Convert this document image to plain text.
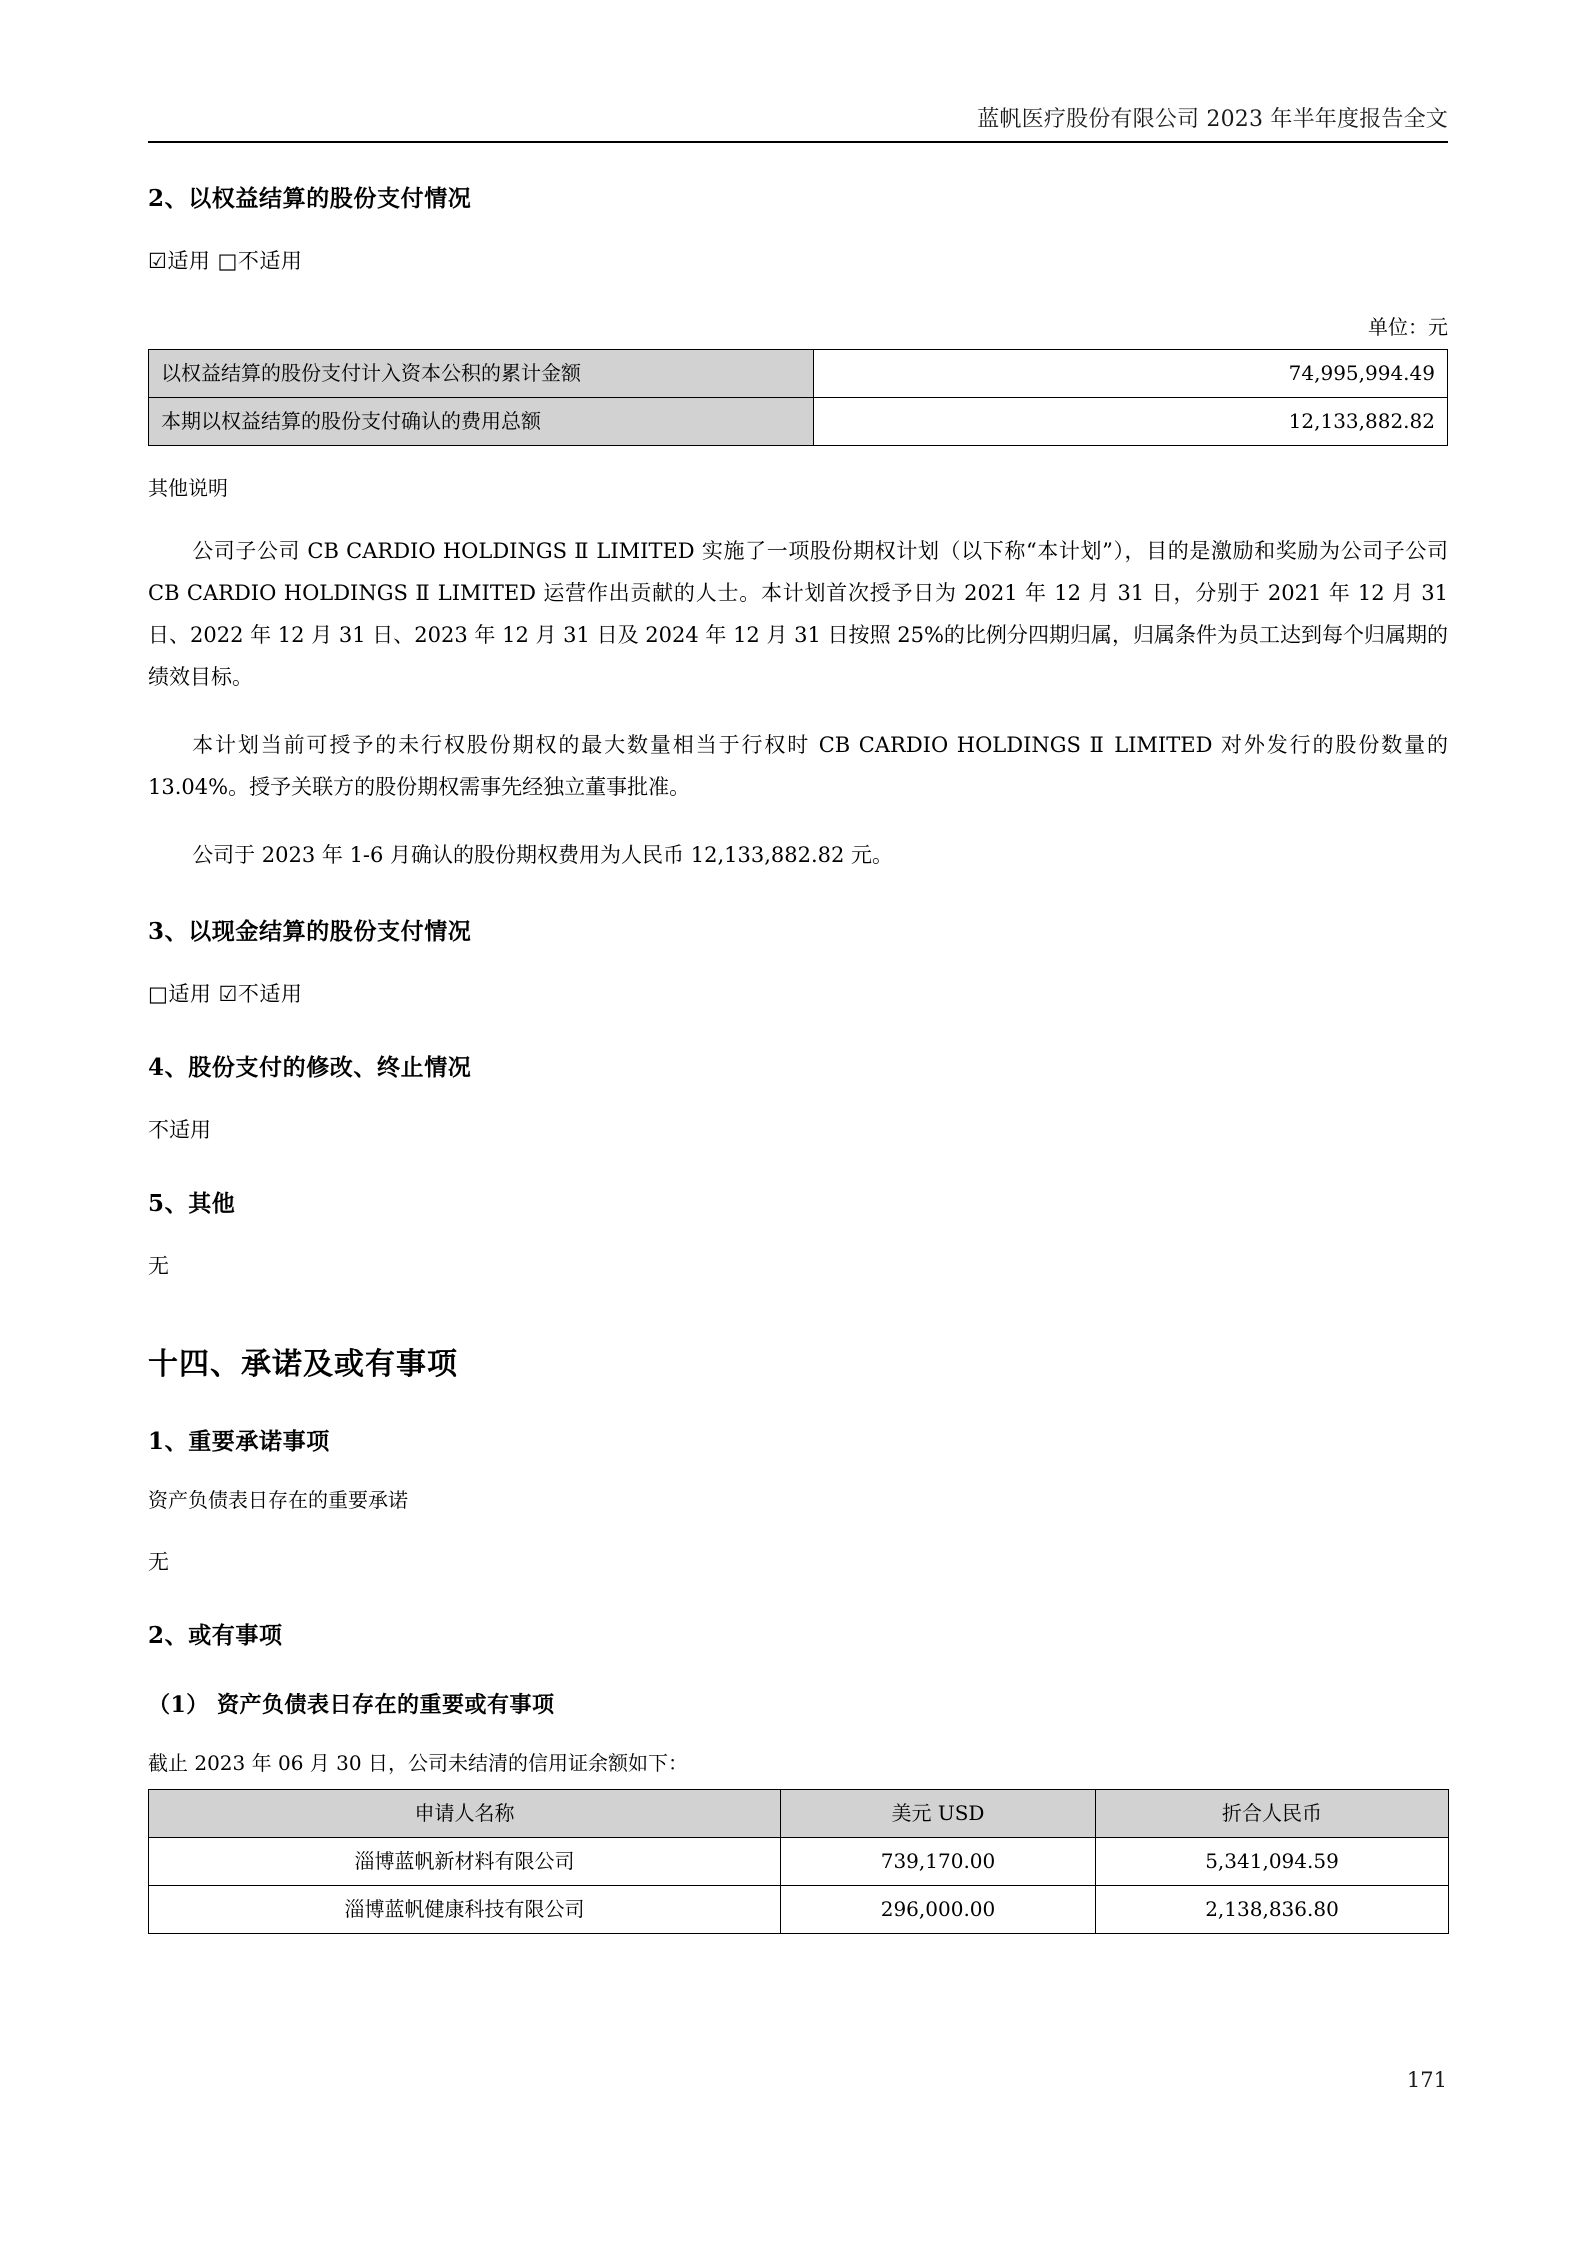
蓝帆医疗股份有限公司 2023 年半年度报告全文
2、以权益结算的股份支付情况
☑适用 □不适用
单位：元
以权益结算的股份支付计入资本公积的累计金额	74,995,994.49
本期以权益结算的股份支付确认的费用总额	12,133,882.82

其他说明

公司子公司 CB CARDIO HOLDINGS Ⅱ LIMITED 实施了一项股份期权计划（以下称“本计划”），目的是激励和奖励为公司子公司 CB CARDIO HOLDINGS Ⅱ LIMITED 运营作出贡献的人士。本计划首次授予日为 2021 年 12 月 31 日，分别于 2021 年 12 月 31 日、2022 年 12 月 31 日、2023 年 12 月 31 日及 2024 年 12 月 31 日按照 25%的比例分四期归属，归属条件为员工达到每个归属期的绩效目标。

本计划当前可授予的未行权股份期权的最大数量相当于行权时 CB CARDIO HOLDINGS Ⅱ LIMITED 对外发行的股份数量的 13.04%。授予关联方的股份期权需事先经独立董事批准。

公司于 2023 年 1-6 月确认的股份期权费用为人民币 12,133,882.82 元。

3、以现金结算的股份支付情况
□适用 ☑不适用
4、股份支付的修改、终止情况

不适用

5、其他

无

十四、承诺及或有事项
1、重要承诺事项

资产负债表日存在的重要承诺

无

2、或有事项
（1） 资产负债表日存在的重要或有事项

截止 2023 年 06 月 30 日，公司未结清的信用证余额如下：

申请人名称	美元 USD	折合人民币
淄博蓝帆新材料有限公司	739,170.00	5,341,094.59
淄博蓝帆健康科技有限公司	296,000.00	2,138,836.80
171
